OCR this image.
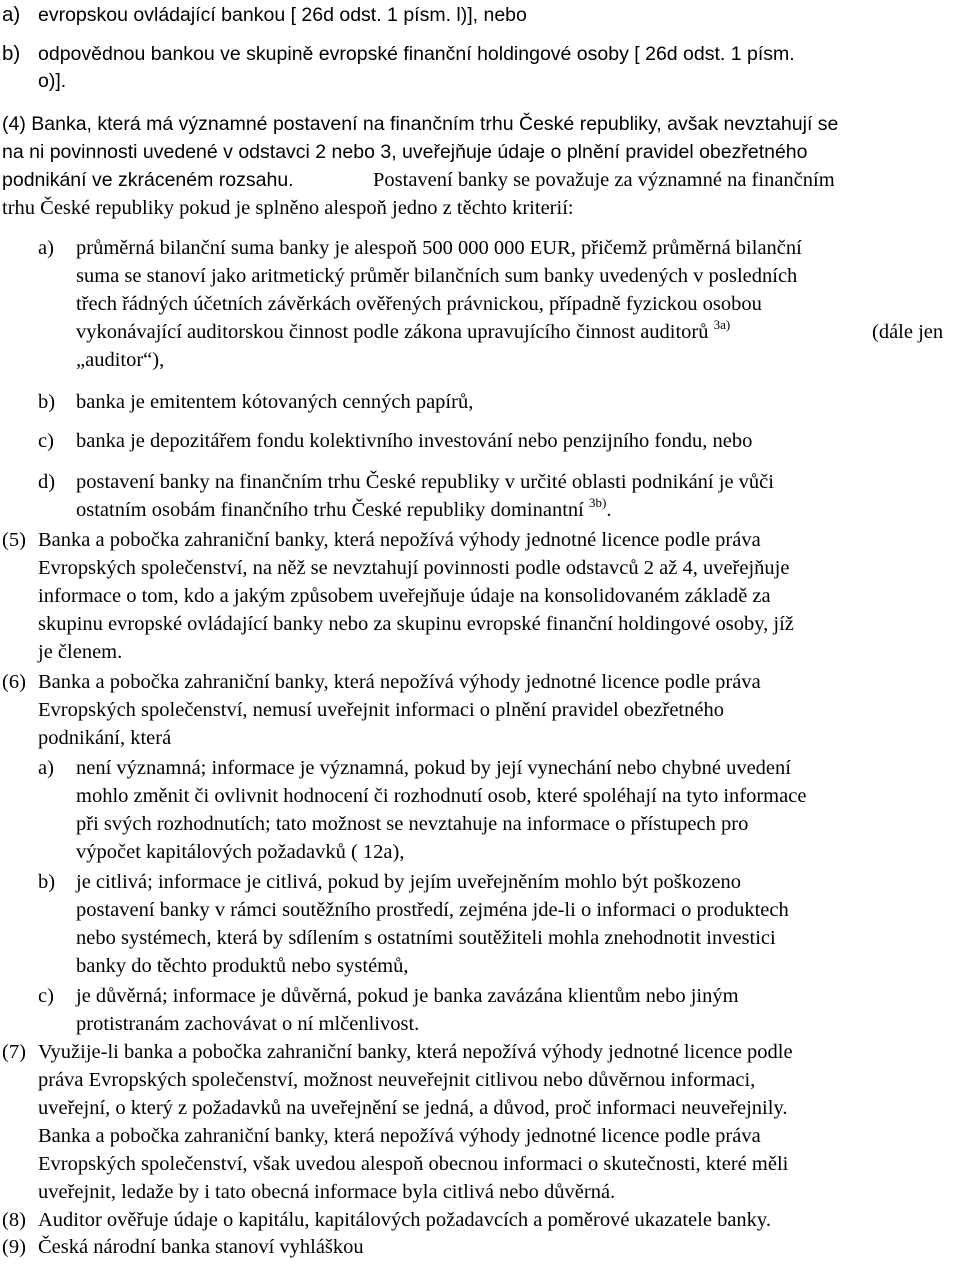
a) evropskou ovládající bankou [ 26d odst. 1 písm. l)], nebo
b) odpovědnou bankou ve skupině evropské finanční holdingové osoby [ 26d odst. 1 písm.
o)].
(4) Banka, která má významné postavení na finančním trhu České republiky, avšak nevztahují se
na ni povinnosti uvedené v odstavci 2 nebo 3, uveřejňuje údaje o plnění pravidel obezřetného
podnikání ve zkráceném rozsahu.	Postavení banky se považuje za významné na finančním
trhu České republiky pokud je splněno alespoň jedno z těchto kriterií:
a) průměrná bilanční suma banky je alespoň 500 000 000 EUR, přičemž průměrná bilanční
suma se stanoví jako aritmetický průměr bilančních sum banky uvedených v posledních
třech řádných účetních závěrkách ověřených právnickou, případně fyzickou osobou
vykonávající auditorskou činnost podle zákona upravujícího činnost auditorů $^{3a)}$	(dále jen
„auditor“),
b) banka je emitentem kótovaných cenných papírů,
c) banka je depozitářem fondu kolektivního investování nebo penzijního fondu, nebo
d) postavení banky na finančním trhu České republiky v určité oblasti podnikání je vůči
ostatním osobám finančního trhu České republiky dominantní $^{3b)}$.
(5) Banka a pobočka zahraniční banky, která nepožívá výhody jednotné licence podle práva
Evropských společenství, na něž se nevztahují povinnosti podle odstavců 2 až 4, uveřejňuje
informace o tom, kdo a jakým způsobem uveřejňuje údaje na konsolidovaném základě za
skupinu evropské ovládající banky nebo za skupinu evropské finanční holdingové osoby, jíž
je členem.
(6) Banka a pobočka zahraniční banky, která nepožívá výhody jednotné licence podle práva
Evropských společenství, nemusí uveřejnit informaci o plnění pravidel obezřetného
podnikání, která
a) není významná; informace je významná, pokud by její vynechání nebo chybné uvedení
mohlo změnit či ovlivnit hodnocení či rozhodnutí osob, které spoléhají na tyto informace
při svých rozhodnutích; tato možnost se nevztahuje na informace o přístupech pro
výpočet kapitálových požadavků ( 12a),
b) je citlivá; informace je citlivá, pokud by jejím uveřejněním mohlo být poškozeno
postavení banky v rámci soutěžního prostředí, zejména jde-li o informaci o produktech
nebo systémech, která by sdílením s ostatními soutěžiteli mohla znehodnotit investici
banky do těchto produktů nebo systémů,
c) je důvěrná; informace je důvěrná, pokud je banka zavázána klientům nebo jiným
protistranám zachovávat o ní mlčenlivost.
(7) Využije-li banka a pobočka zahraniční banky, která nepožívá výhody jednotné licence podle
práva Evropských společenství, možnost neuveřejnit citlivou nebo důvěrnou informaci,
uveřejní, o který z požadavků na uveřejnění se jedná, a důvod, proč informaci neuveřejnily.
Banka a pobočka zahraniční banky, která nepožívá výhody jednotné licence podle práva
Evropských společenství, však uvedou alespoň obecnou informaci o skutečnosti, které měli
uveřejnit, ledaže by i tato obecná informace byla citlivá nebo důvěrná.
(8) Auditor ověřuje údaje o kapitálu, kapitálových požadavcích a poměrové ukazatele banky.
(9) Česká národní banka stanoví vyhláškou
